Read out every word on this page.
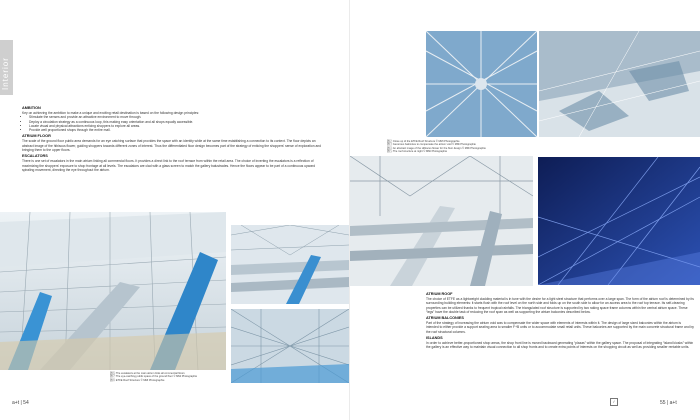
Interior
AMBITION

Key on achieving the ambition to make a unique and exciting retail destination is based on the following design principles:

• Stimulate the senses and provide an attractive environment to move through.
• Deploy a circulation strategy as a continuous loop, this making easy orientation and all shops equally accessible.
• Locate visual and physical attractions enticing shoppers to explore all areas.
• Provide well proportioned shops through the entire mall.
ATRIUM FLOOR

The scale of the ground floor public area demands for an eye catching surface that provides the space with an identity while at the same time establishing a connection to its context. The floor depicts an abstract image of the hibiscus flower, guiding shoppers towards different zones of interest. Thus the differentiated floor design becomes part of the strategy of enticing the shoppers' sense of exploration and bringing them to the upper floors.

ESCALATORS

There is one set of escalators in the main atrium linking all commercial floors. It provides a direct link to the roof terrace from within the retail area. The choice of inverting the escalators is a reflection of maximizing the shoppers' exposure to shop frontage at all levels. The escalators are clad with a glass screen to match the gallery balustrades. Hence the floors appear to be part of a continuous upward spiraling movement, directing the eye throughout the atrium.

图⑥ The escalators at the main atrium links all commercial floors
图⑦ The eye-catching public space of the ground floor © MMi Photographie
图⑧ ETFE Roof Structure © MMi Photographie
a+t | 54
图② Close up of the ETFE Roof Structure © MMi Photographie
图③ Generous balconies to compensate the atrium void © MMi Photographie
图④ An abstract image of the Hibiscus flower for the floor design © MMi Photographie
图⑤ The roof structure at night © MMi Photographie
ATRIUM ROOF

The choice of ETFE as a lightweight cladding material is in tune with the desire for a light steel structure that performs over a large span. The form of the atrium roof is determined by its surrounding building elements: it starts flush with the roof level on the north side and folds up on the south side to allow for an access area to the roof top terrace. Its self-cleaning properties can be utilized thanks to frequent tropical rainfalls. The triangulated roof structure is supported by two raking space frame columns within the central atrium space. These “legs” have the double task of reducing the roof span as well as supporting the atrium balconies described below.

ATRIUM BALCONIES

Part of the strategy of increasing the atrium void was to compensate the wider space with elements of interests within it. The design of large sized balconies within the atrium is intended to either provide a support seating area to smaller F+B units or to accommodate small retail units. These balconies are supported by the main concrete structural frame and by the roof structural columns.

ISLANDS

In order to achieve better-proportioned shop areas, the shop front line is moved backward generating “plazas” within the gallery space. The proposal of integrating “island kiosks” within the gallery is an effective way to maintain visual connection to all shop fronts and to create extra points of interests on the shopping circuit as well as providing smaller rentable units.

55 | a+t
✓
